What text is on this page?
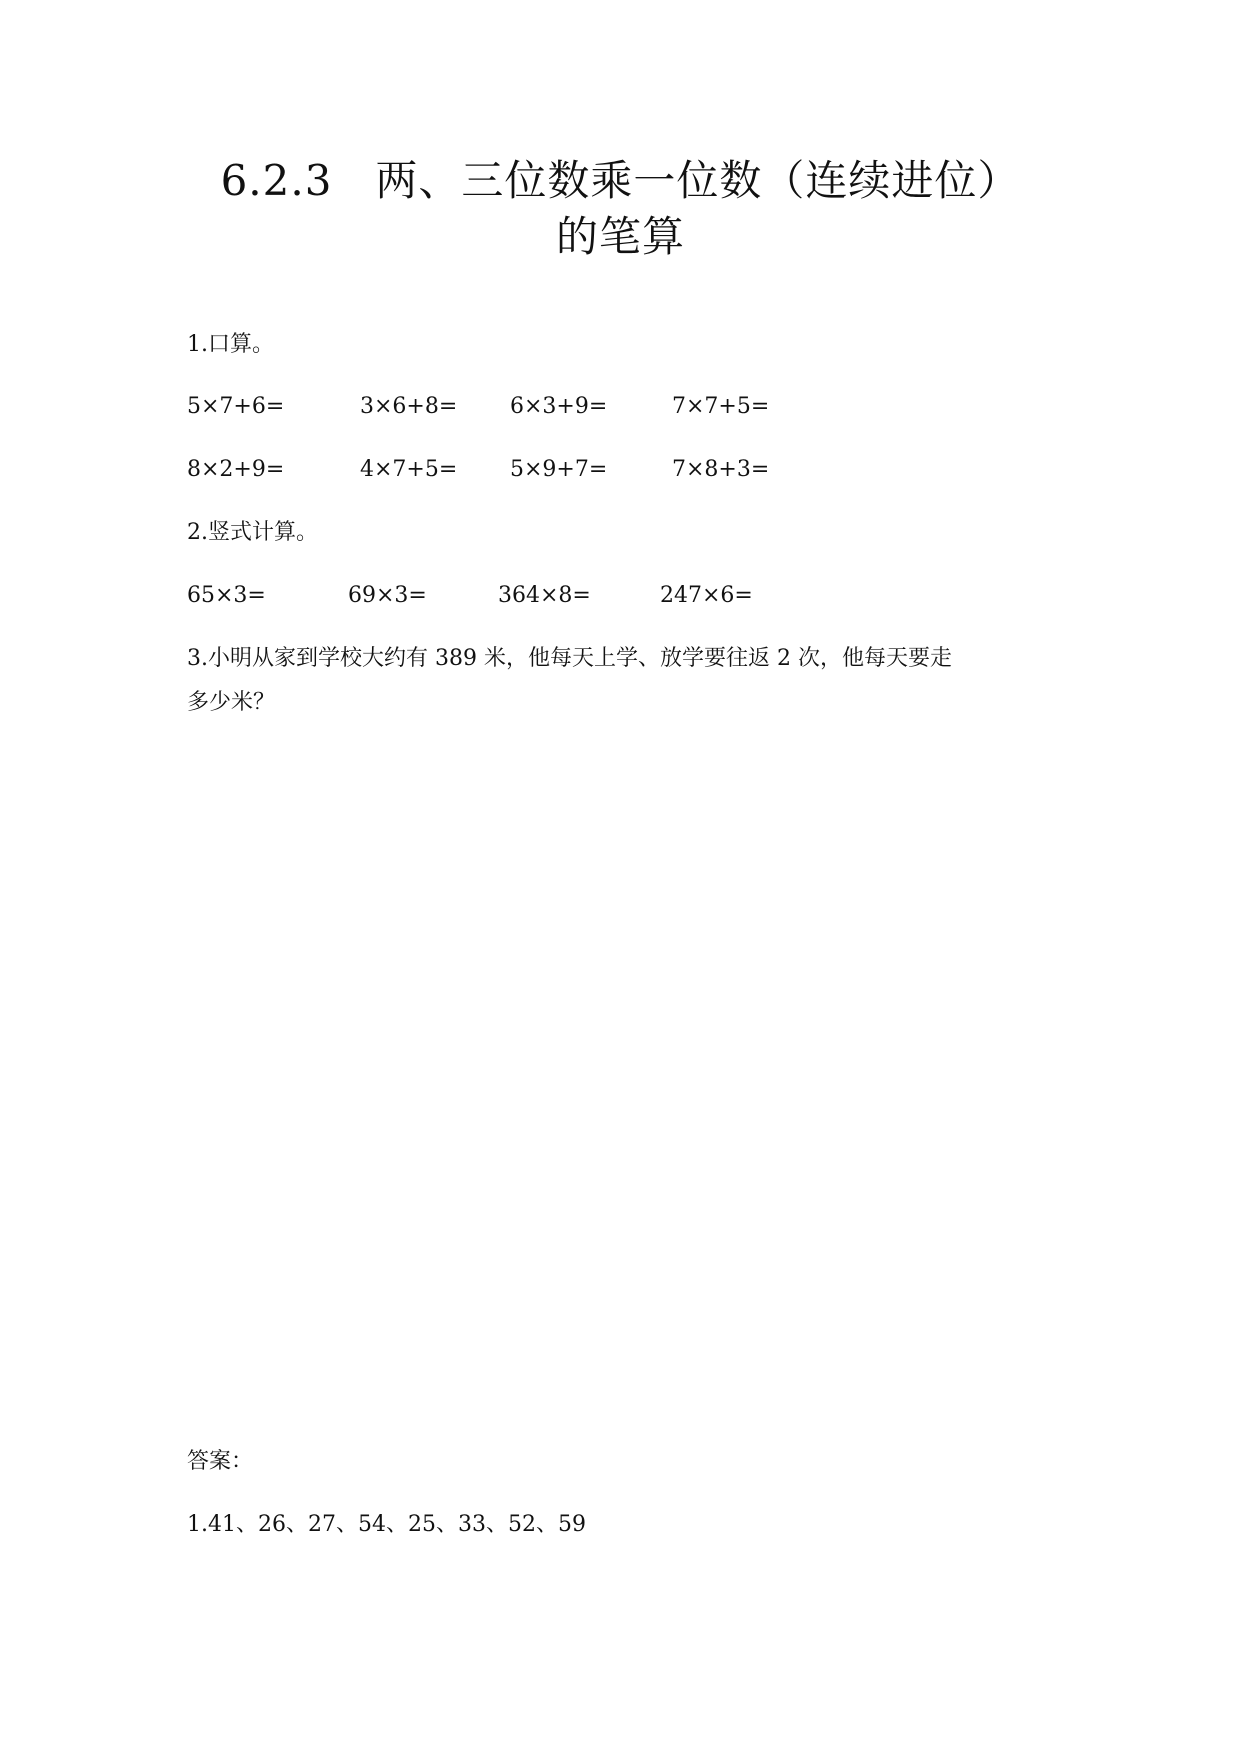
6.2.3　两、三位数乘一位数（连续进位）
的笔算
1.口算。
5×7+6=	3×6+8= 6×3+9=	7×7+5=
8×2+9=	4×7+5= 5×9+7=	7×8+3=
2.竖式计算。
65×3=	69×3=	364×8=	247×6=
3.小明从家到学校大约有 389 米，他每天上学、放学要往返 2 次，他每天要走
多少米？
答案：
1.41、26、27、54、25、33、52、59
